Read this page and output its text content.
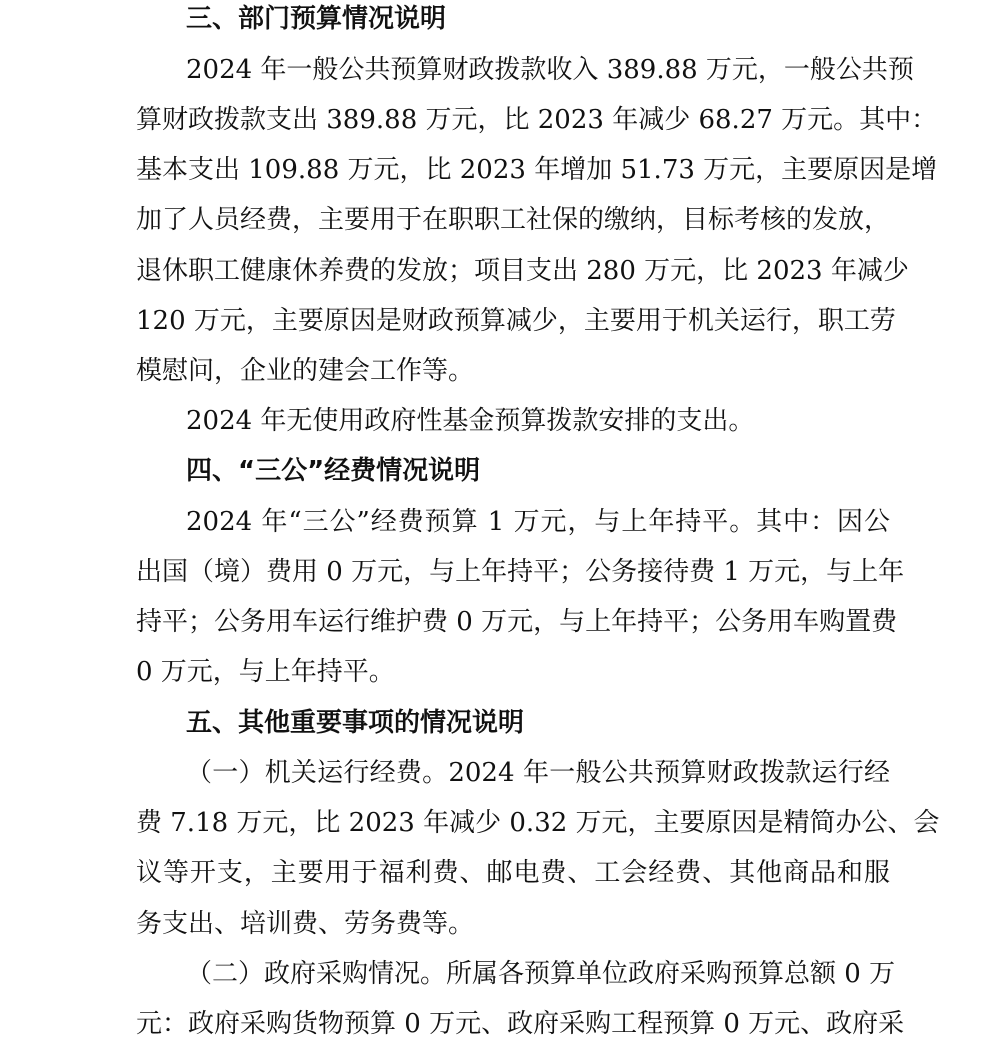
三、部门预算情况说明

2024 年一般公共预算财政拨款收入 389.88 万元，一般公共预

算财政拨款支出 389.88 万元，比 2023 年减少 68.27 万元。其中：

基本支出 109.88 万元，比 2023 年增加 51.73 万元，主要原因是增

加了人员经费，主要用于在职职工社保的缴纳，目标考核的发放，

退休职工健康休养费的发放；项目支出 280 万元，比 2023 年减少

120 万元，主要原因是财政预算减少，主要用于机关运行，职工劳

模慰问，企业的建会工作等。

2024 年无使用政府性基金预算拨款安排的支出。

四、“三公”经费情况说明

2024 年“三公”经费预算 1 万元，与上年持平。其中：因公

出国（境）费用 0 万元，与上年持平；公务接待费 1 万元，与上年

持平；公务用车运行维护费 0 万元，与上年持平；公务用车购置费

0 万元，与上年持平。

五、其他重要事项的情况说明

（一）机关运行经费。2024 年一般公共预算财政拨款运行经

费 7.18 万元，比 2023 年减少 0.32 万元，主要原因是精简办公、会

议等开支，主要用于福利费、邮电费、工会经费、其他商品和服

务支出、培训费、劳务费等。

（二）政府采购情况。所属各预算单位政府采购预算总额 0 万

元：政府采购货物预算 0 万元、政府采购工程预算 0 万元、政府采
